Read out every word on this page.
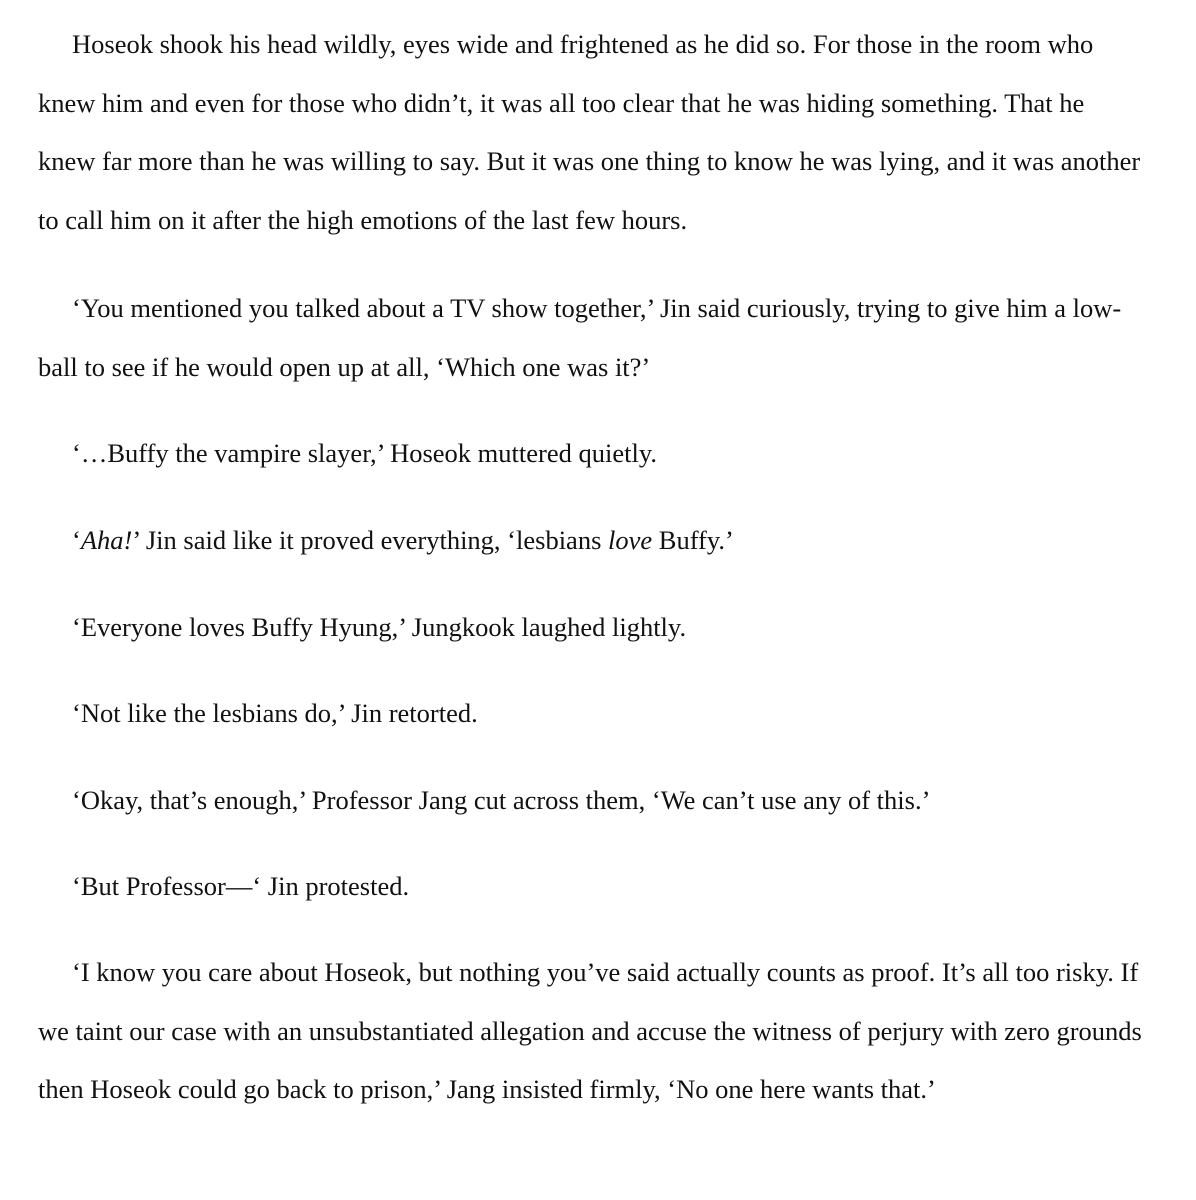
Hoseok shook his head wildly, eyes wide and frightened as he did so. For those in the room who knew him and even for those who didn’t, it was all too clear that he was hiding something. That he knew far more than he was willing to say. But it was one thing to know he was lying, and it was another to call him on it after the high emotions of the last few hours.

‘You mentioned you talked about a TV show together,’ Jin said curiously, trying to give him a low-ball to see if he would open up at all, ‘Which one was it?’

‘…Buffy the vampire slayer,’ Hoseok muttered quietly.

‘Aha!’ Jin said like it proved everything, ‘lesbians love Buffy.’

‘Everyone loves Buffy Hyung,’ Jungkook laughed lightly.

‘Not like the lesbians do,’ Jin retorted.

‘Okay, that’s enough,’ Professor Jang cut across them, ‘We can’t use any of this.’

‘But Professor—‘ Jin protested.

‘I know you care about Hoseok, but nothing you’ve said actually counts as proof. It’s all too risky. If we taint our case with an unsubstantiated allegation and accuse the witness of perjury with zero grounds then Hoseok could go back to prison,’ Jang insisted firmly, ‘No one here wants that.’
